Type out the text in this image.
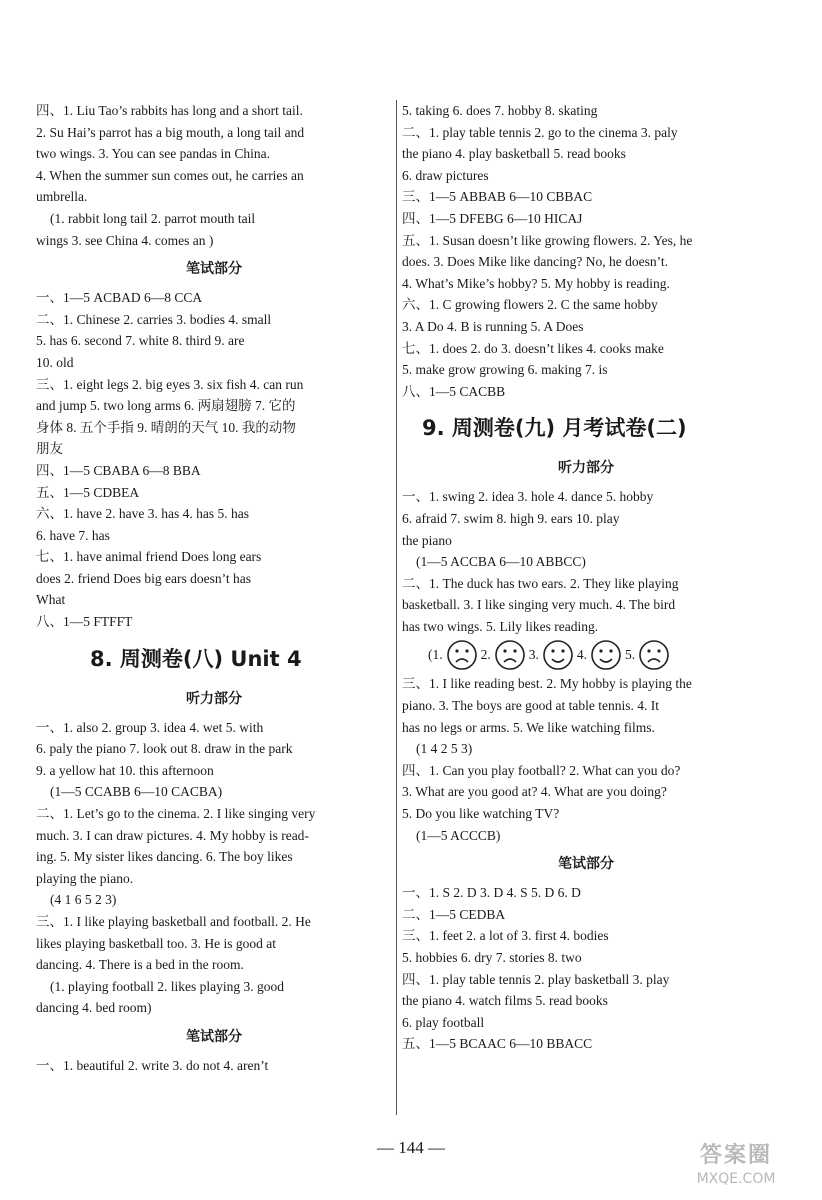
四、1. Liu Tao’s rabbits has long and a short tail.
2. Su Hai’s parrot has a big mouth, a long tail and
two wings. 3. You can see pandas in China.
4. When the summer sun comes out, he carries an
umbrella.
(1. rabbit long tail 2. parrot mouth tail
wings 3. see China 4. comes an )
笔试部分
一、1—5 ACBAD 6—8 CCA
二、1. Chinese 2. carries 3. bodies 4. small
5. has 6. second 7. white 8. third 9. are
10. old
三、1. eight legs 2. big eyes 3. six fish 4. can run
and jump 5. two long arms 6. 两扇翅膀 7. 它的
身体 8. 五个手指 9. 晴朗的天气 10. 我的动物
朋友
四、1—5 CBABA 6—8 BBA
五、1—5 CDBEA
六、1. have 2. have 3. has 4. has 5. has
6. have 7. has
七、1. have animal friend Does long ears
does 2. friend Does big ears doesn’t has
What
八、1—5 FTFFT
8. 周测卷(八) Unit 4
听力部分
一、1. also 2. group 3. idea 4. wet 5. with
6. paly the piano 7. look out 8. draw in the park
9. a yellow hat 10. this afternoon
(1—5 CCABB 6—10 CACBA)
二、1. Let’s go to the cinema. 2. I like singing very
much. 3. I can draw pictures. 4. My hobby is read-
ing. 5. My sister likes dancing. 6. The boy likes
playing the piano.
(4 1 6 5 2 3)
三、1. I like playing basketball and football. 2. He
likes playing basketball too. 3. He is good at
dancing. 4. There is a bed in the room.
(1. playing football 2. likes playing 3. good
dancing 4. bed room)
笔试部分
一、1. beautiful 2. write 3. do not 4. aren’t
5. taking 6. does 7. hobby 8. skating
二、1. play table tennis 2. go to the cinema 3. paly
the piano 4. play basketball 5. read books
6. draw pictures
三、1—5 ABBAB 6—10 CBBAC
四、1—5 DFEBG 6—10 HICAJ
五、1. Susan doesn’t like growing flowers. 2. Yes, he
does. 3. Does Mike like dancing? No, he doesn’t.
4. What’s Mike’s hobby? 5. My hobby is reading.
六、1. C growing flowers 2. C the same hobby
3. A Do 4. B is running 5. A Does
七、1. does 2. do 3. doesn’t likes 4. cooks make
5. make grow growing 6. making 7. is
八、1—5 CACBB
9. 周测卷(九) 月考试卷(二)
听力部分
一、1. swing 2. idea 3. hole 4. dance 5. hobby
6. afraid 7. swim 8. high 9. ears 10. play
the piano
(1—5 ACCBA 6—10 ABBCC)
二、1. The duck has two ears. 2. They like playing
basketball. 3. I like singing very much. 4. The bird
has two wings. 5. Lily likes reading.
(1.	2.	3.	4.	5.
三、1. I like reading best. 2. My hobby is playing the
piano. 3. The boys are good at table tennis. 4. It
has no legs or arms. 5. We like watching films.
(1 4 2 5 3)
四、1. Can you play football? 2. What can you do?
3. What are you good at? 4. What are you doing?
5. Do you like watching TV?
(1—5 ACCCB)
笔试部分
一、1. S 2. D 3. D 4. S 5. D 6. D
二、1—5 CEDBA
三、1. feet 2. a lot of 3. first 4. bodies
5. hobbies 6. dry 7. stories 8. two
四、1. play table tennis 2. play basketball 3. play
the piano 4. watch films 5. read books
6. play football
五、1—5 BCAAC 6—10 BBACC
— 144 —	答案圈
MXQE.COM
